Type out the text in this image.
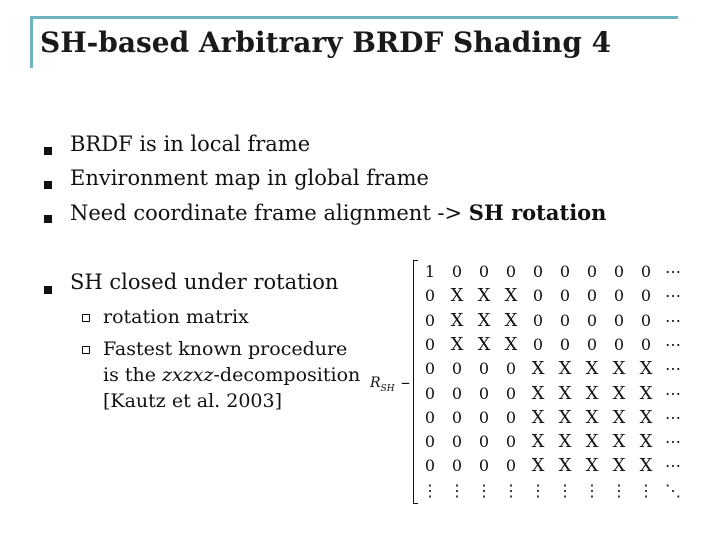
SH-based Arbitrary BRDF Shading 4
BRDF is in local frame
Environment map in global frame
Need coordinate frame alignment -> SH rotation
SH closed under rotation
rotation matrix
Fastest known procedure is the zxzxz-decomposition [Kautz et al. 2003]
$R_{SH}$ –
1	0	0	0	0	0	0	0	0 ⋯
0 X X X 0	0	0	0	0 ⋯
0 X X X 0	0	0	0	0 ⋯
0 X X X 0	0	0	0	0 ⋯
0	0	0	0 X X X X X ⋯
0	0	0	0 X X X X X ⋯
0	0	0	0 X X X X X ⋯
0	0	0	0 X X X X X ⋯
0	0	0	0 X X X X X ⋯
⋮ ⋮ ⋮ ⋮ ⋮ ⋮ ⋮ ⋮ ⋮ ⋱
